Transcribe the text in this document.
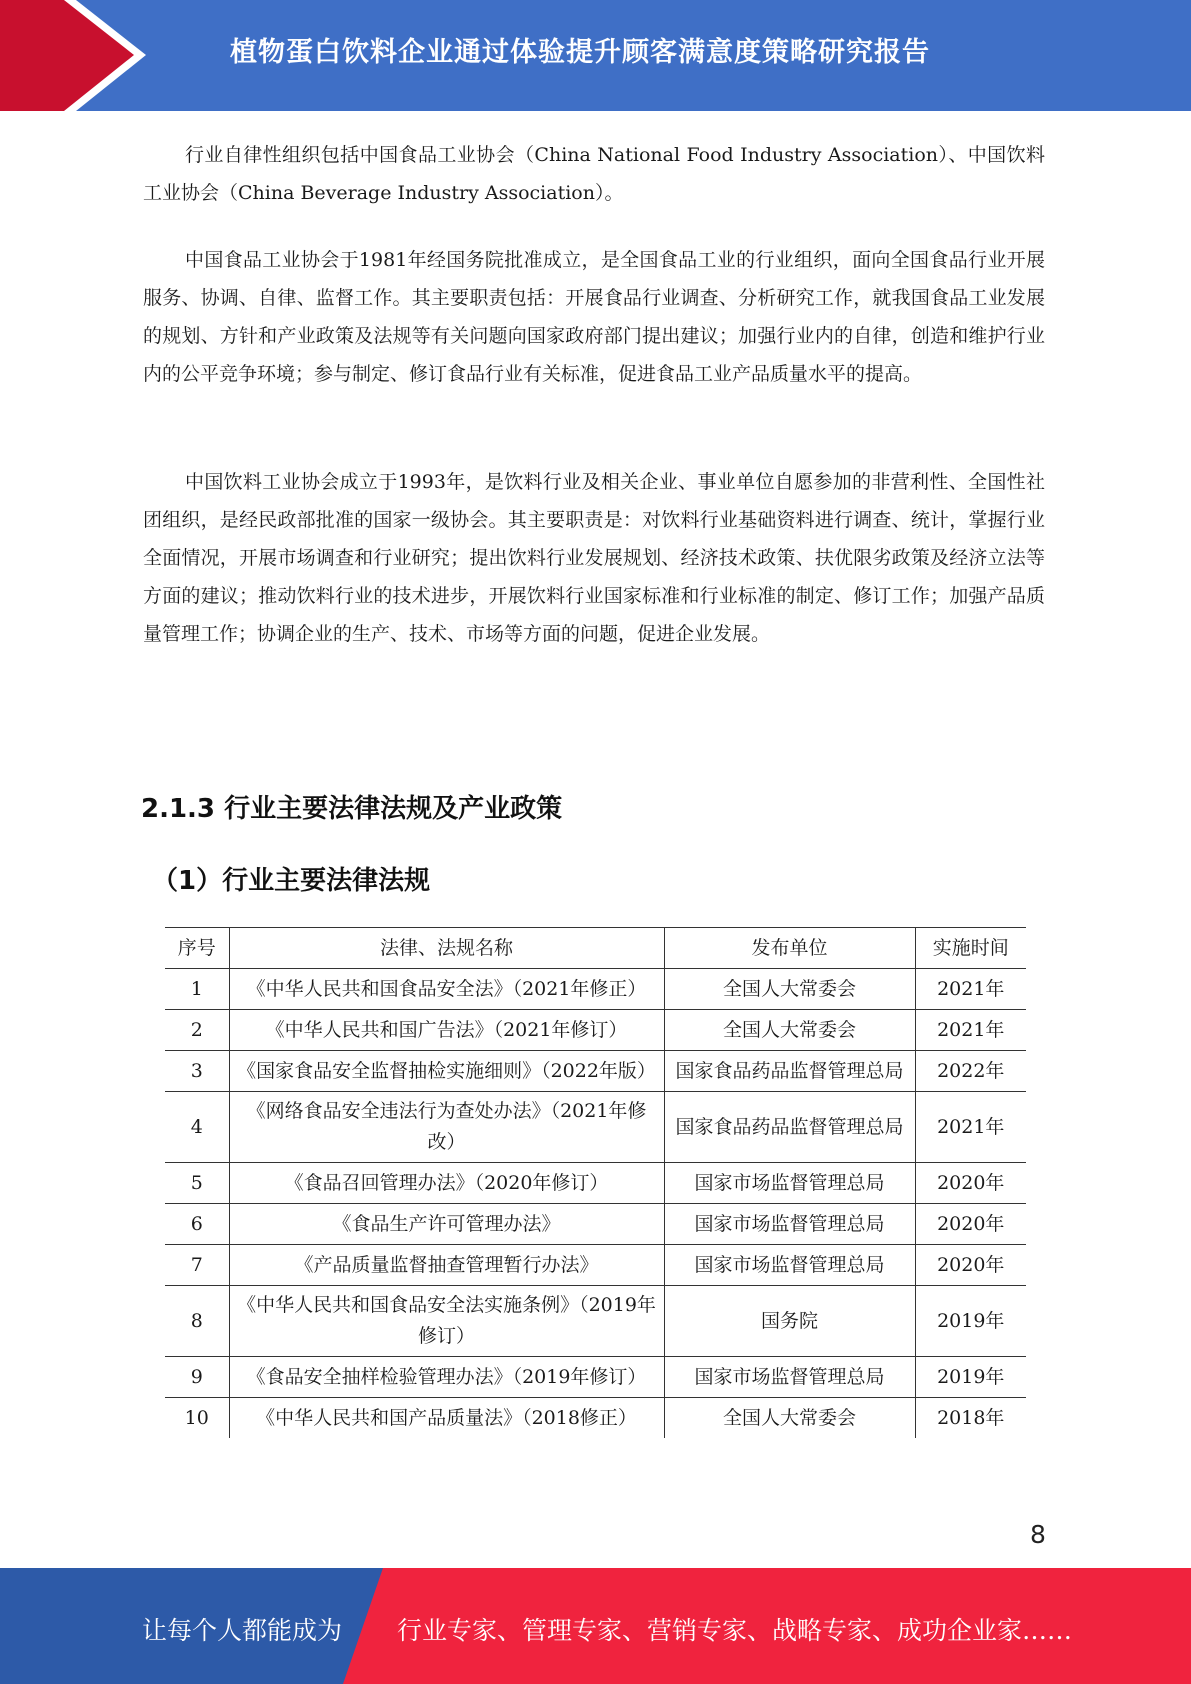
植物蛋白饮料企业通过体验提升顾客满意度策略研究报告

行业自律性组织包括中国食品工业协会（China National Food Industry Association）、中国饮料工业协会（China Beverage Industry Association）。

中国食品工业协会于1981年经国务院批准成立，是全国食品工业的行业组织，面向全国食品行业开展服务、协调、自律、监督工作。其主要职责包括：开展食品行业调查、分析研究工作，就我国食品工业发展的规划、方针和产业政策及法规等有关问题向国家政府部门提出建议；加强行业内的自律，创造和维护行业内的公平竞争环境；参与制定、修订食品行业有关标准，促进食品工业产品质量水平的提高。

中国饮料工业协会成立于1993年，是饮料行业及相关企业、事业单位自愿参加的非营利性、全国性社团组织，是经民政部批准的国家一级协会。其主要职责是：对饮料行业基础资料进行调查、统计，掌握行业全面情况，开展市场调查和行业研究；提出饮料行业发展规划、经济技术政策、扶优限劣政策及经济立法等方面的建议；推动饮料行业的技术进步，开展饮料行业国家标准和行业标准的制定、修订工作；加强产品质量管理工作；协调企业的生产、技术、市场等方面的问题，促进企业发展。

2.1.3 行业主要法律法规及产业政策
（1）行业主要法律法规
序号	法律、法规名称	发布单位	实施时间
1	《中华人民共和国食品安全法》（2021年修正）	全国人大常委会	2021年
2	《中华人民共和国广告法》（2021年修订）	全国人大常委会	2021年
3	《国家食品安全监督抽检实施细则》（2022年版）	国家食品药品监督管理总局	2022年
4	《网络食品安全违法行为查处办法》（2021年修改）	国家食品药品监督管理总局	2021年
5	《食品召回管理办法》（2020年修订）	国家市场监督管理总局	2020年
6	《食品生产许可管理办法》	国家市场监督管理总局	2020年
7	《产品质量监督抽查管理暂行办法》	国家市场监督管理总局	2020年
8	《中华人民共和国食品安全法实施条例》（2019年修订）	国务院	2019年
9	《食品安全抽样检验管理办法》（2019年修订）	国家市场监督管理总局	2019年
10	《中华人民共和国产品质量法》（2018修正）	全国人大常委会	2018年
8
让每个人都能成为 行业专家、管理专家、营销专家、战略专家、成功企业家……
